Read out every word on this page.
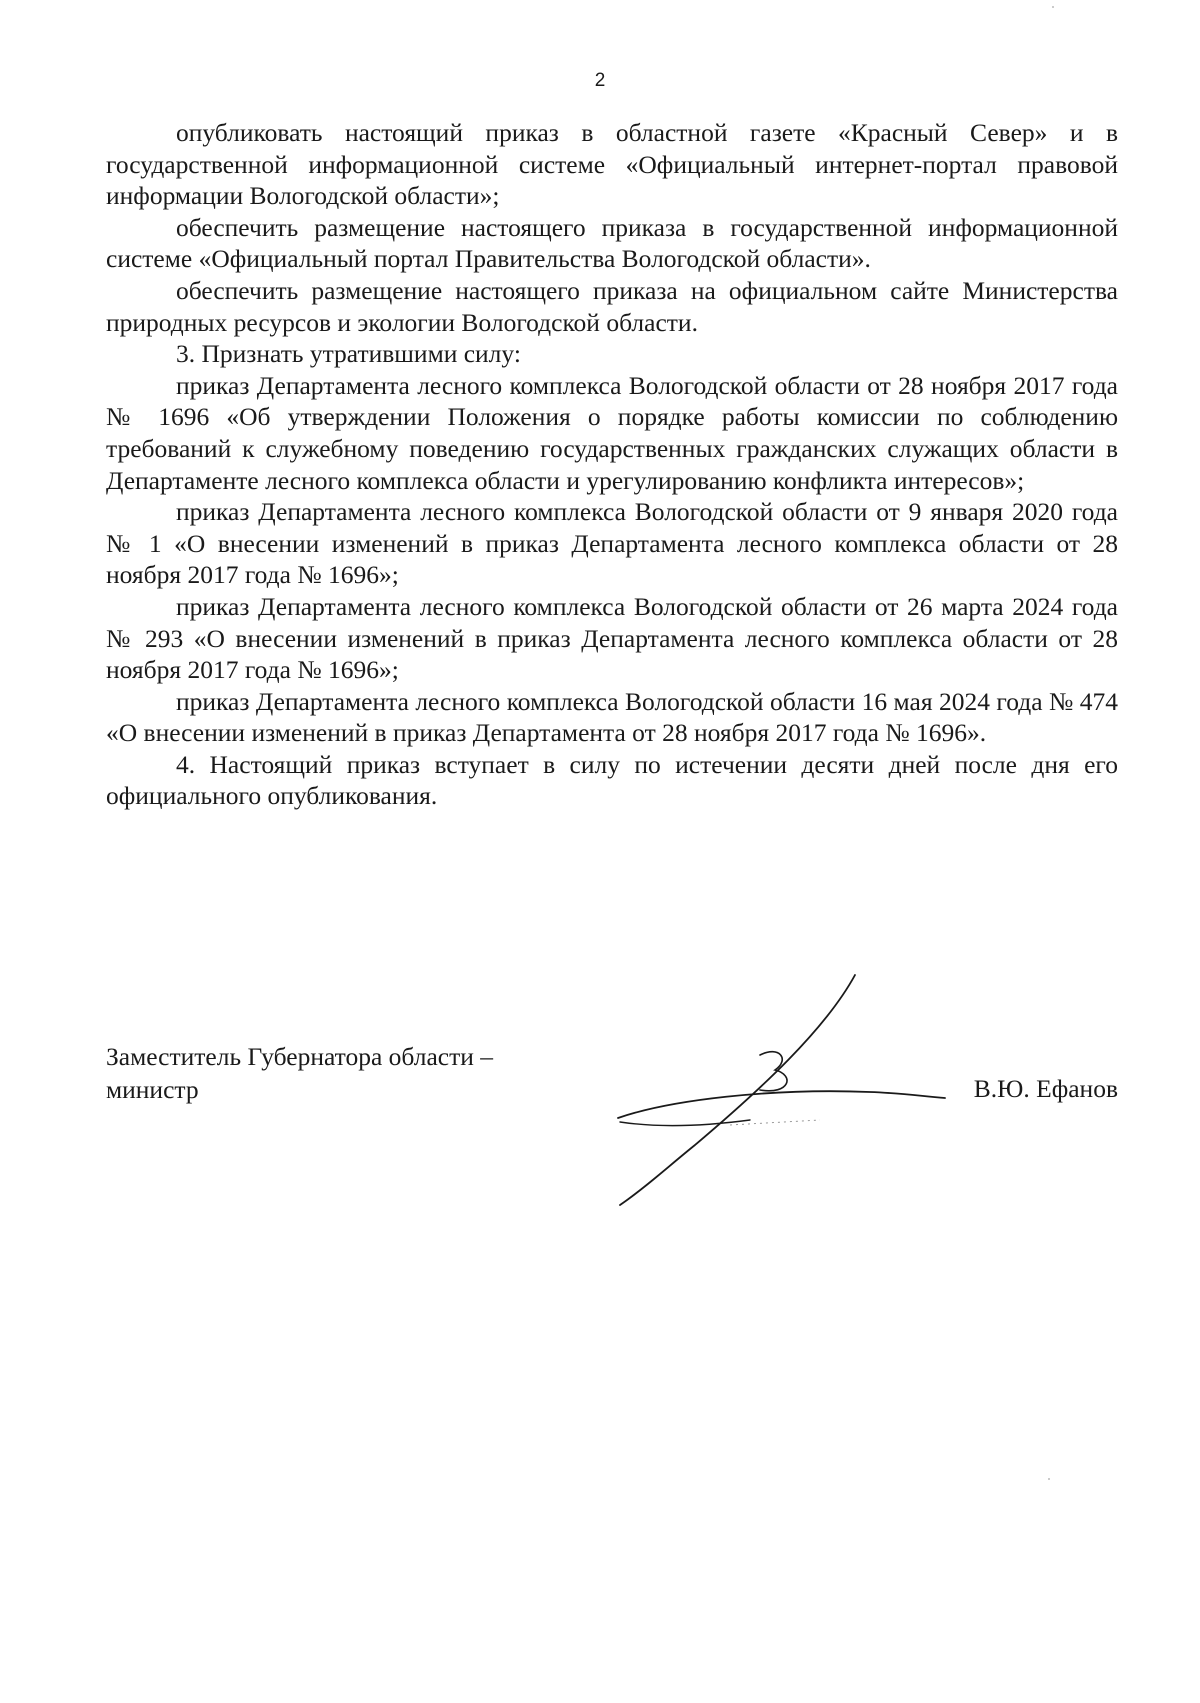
2

опубликовать настоящий приказ в областной газете «Красный Север» и в государственной информационной системе «Официальный интернет-портал правовой информации Вологодской области»;

обеспечить размещение настоящего приказа в государственной информационной системе «Официальный портал Правительства Вологодской области».

обеспечить размещение настоящего приказа на официальном сайте Министерства природных ресурсов и экологии Вологодской области.

3. Признать утратившими силу:

приказ Департамента лесного комплекса Вологодской области от 28 ноября 2017 года № 1696 «Об утверждении Положения о порядке работы комиссии по соблюдению требований к служебному поведению государственных гражданских служащих области в Департаменте лесного комплекса области и урегулированию конфликта интересов»;

приказ Департамента лесного комплекса Вологодской области от 9 января 2020 года № 1 «О внесении изменений в приказ Департамента лесного комплекса области от 28 ноября 2017 года № 1696»;

приказ Департамента лесного комплекса Вологодской области от 26 марта 2024 года № 293 «О внесении изменений в приказ Департамента лесного комплекса области от 28 ноября 2017 года № 1696»;

приказ Департамента лесного комплекса Вологодской области 16 мая 2024 года № 474 «О внесении изменений в приказ Департамента от 28 ноября 2017 года № 1696».

4. Настоящий приказ вступает в силу по истечении десяти дней после дня его официального опубликования.

Заместитель Губернатора области –
министр	В.Ю. Ефанов
